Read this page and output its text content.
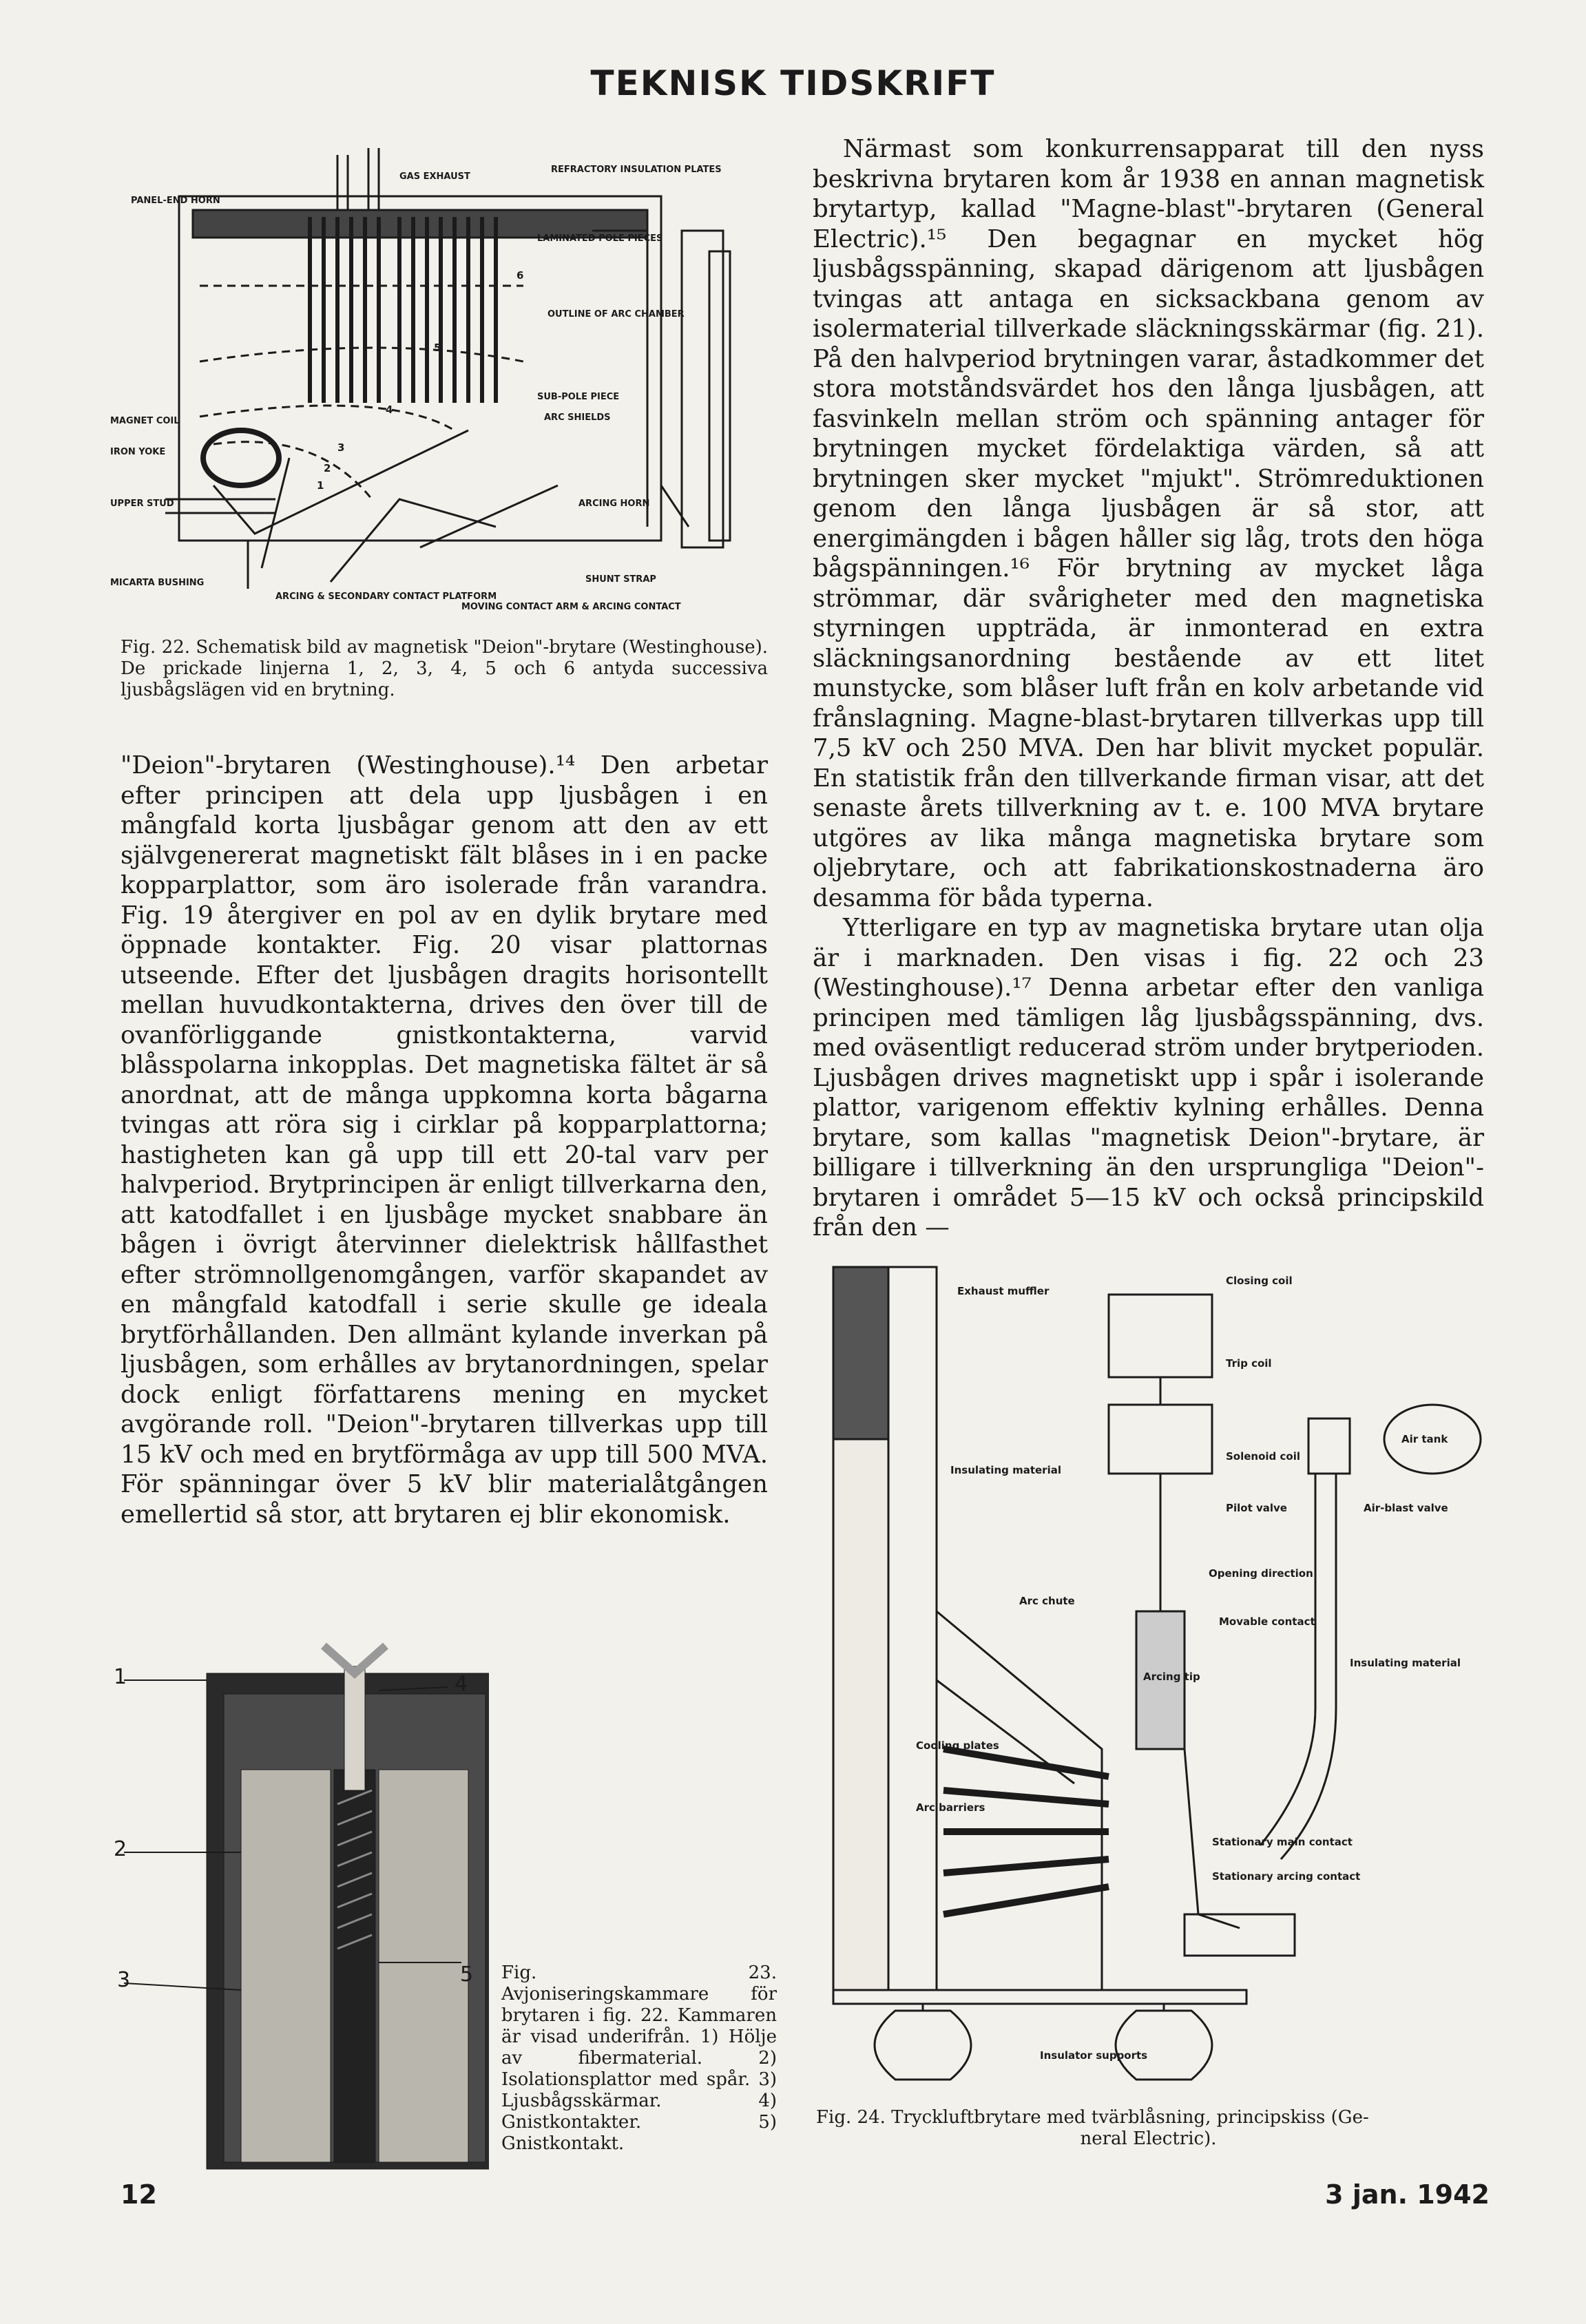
TEKNISK TIDSKRIFT
GAS EXHAUST
REFRACTORY INSULATION PLATES
PANEL-END HORN
LAMINATED POLE PIECES
OUTLINE OF ARC CHAMBER
SUB-POLE PIECE
ARC SHIELDS
MAGNET COIL
IRON YOKE
UPPER STUD	ARCING HORN
MICARTA BUSHING	SHUNT STRAP
ARCING & SECONDARY CONTACT PLATFORM
MOVING CONTACT ARM & ARCING CONTACT
6
5
4
3
2
1
Fig. 22. Schematisk bild av magnetisk "Deion"-brytare (Westinghouse). De prickade linjerna 1, 2, 3, 4, 5 och 6 antyda successiva ljusbågslägen vid en brytning.

"Deion"-brytaren (Westinghouse).¹⁴ Den arbetar efter principen att dela upp ljusbågen i en mångfald korta ljusbågar genom att den av ett självgenererat magnetiskt fält blåses in i en packe kopparplattor, som äro isolerade från varandra. Fig. 19 återgiver en pol av en dylik brytare med öppnade kontakter. Fig. 20 visar plattornas utseende. Efter det ljusbågen dragits horisontellt mellan huvudkontakterna, drives den över till de ovanförliggande gnistkontakterna, varvid blåsspolarna inkopplas. Det magnetiska fältet är så anordnat, att de många uppkomna korta bågarna tvingas att röra sig i cirklar på kopparplattorna; hastigheten kan gå upp till ett 20-tal varv per halvperiod. Brytprincipen är enligt tillverkarna den, att katodfallet i en ljusbåge mycket snabbare än bågen i övrigt återvinner dielektrisk hållfasthet efter strömnollgenomgången, varför skapandet av en mångfald katodfall i serie skulle ge ideala brytförhållanden. Den allmänt kylande inverkan på ljusbågen, som erhålles av brytanordningen, spelar dock enligt författarens mening en mycket avgörande roll. "Deion"-brytaren tillverkas upp till 15 kV och med en brytförmåga av upp till 500 MVA. För spänningar över 5 kV blir materialåtgången emellertid så stor, att brytaren ej blir ekonomisk.

1	4
2
3	5 Fig. 23. Avjoniseringskammare för brytaren i fig. 22. Kammaren är visad underifrån. 1) Hölje av fibermaterial. 2) Isolationsplattor med spår. 3) Ljusbågsskärmar. 4) Gnistkontakter. 5) Gnistkontakt.

Närmast som konkurrensapparat till den nyss beskrivna brytaren kom år 1938 en annan magnetisk brytartyp, kallad "Magne-blast"-brytaren (General Electric).¹⁵ Den begagnar en mycket hög ljusbågsspänning, skapad därigenom att ljusbågen tvingas att antaga en sicksackbana genom av isolermaterial tillverkade släckningsskärmar (fig. 21). På den halvperiod brytningen varar, åstadkommer det stora motståndsvärdet hos den långa ljusbågen, att fasvinkeln mellan ström och spänning antager för brytningen mycket fördelaktiga värden, så att brytningen sker mycket "mjukt". Strömreduktionen genom den långa ljusbågen är så stor, att energimängden i bågen håller sig låg, trots den höga bågspänningen.¹⁶ För brytning av mycket låga strömmar, där svårigheter med den magnetiska styrningen uppträda, är inmonterad en extra släckningsanordning bestående av ett litet munstycke, som blåser luft från en kolv arbetande vid frånslagning. Magne-blast-brytaren tillverkas upp till 7,5 kV och 250 MVA. Den har blivit mycket populär. En statistik från den tillverkande firman visar, att det senaste årets tillverkning av t. e. 100 MVA brytare utgöres av lika många magnetiska brytare som oljebrytare, och att fabrikationskostnaderna äro desamma för båda typerna.

Ytterligare en typ av magnetiska brytare utan olja är i marknaden. Den visas i fig. 22 och 23 (Westinghouse).¹⁷ Denna arbetar efter den vanliga principen med tämligen låg ljusbågsspänning, dvs. med oväsentligt reducerad ström under brytperioden. Ljusbågen drives magnetiskt upp i spår i isolerande plattor, varigenom effektiv kylning erhålles. Denna brytare, som kallas "magnetisk Deion"-brytare, är billigare i tillverkning än den ursprungliga "Deion"-brytaren i området 5—15 kV och också principskild från den —

Exhaust muffler
Closing coil
Trip coil
Air tank
Solenoid coil
Pilot valve	Air-blast valve
Insulating material
Opening direction
Arc chute
Movable contact
Insulating material
Arcing tip
Cooling plates
Arc barriers
Stationary main contact
Stationary arcing contact
Insulator supports
Fig. 24. Tryckluftbrytare med tvärblåsning, principskiss (Ge-
neral Electric).
12	3 jan. 1942
